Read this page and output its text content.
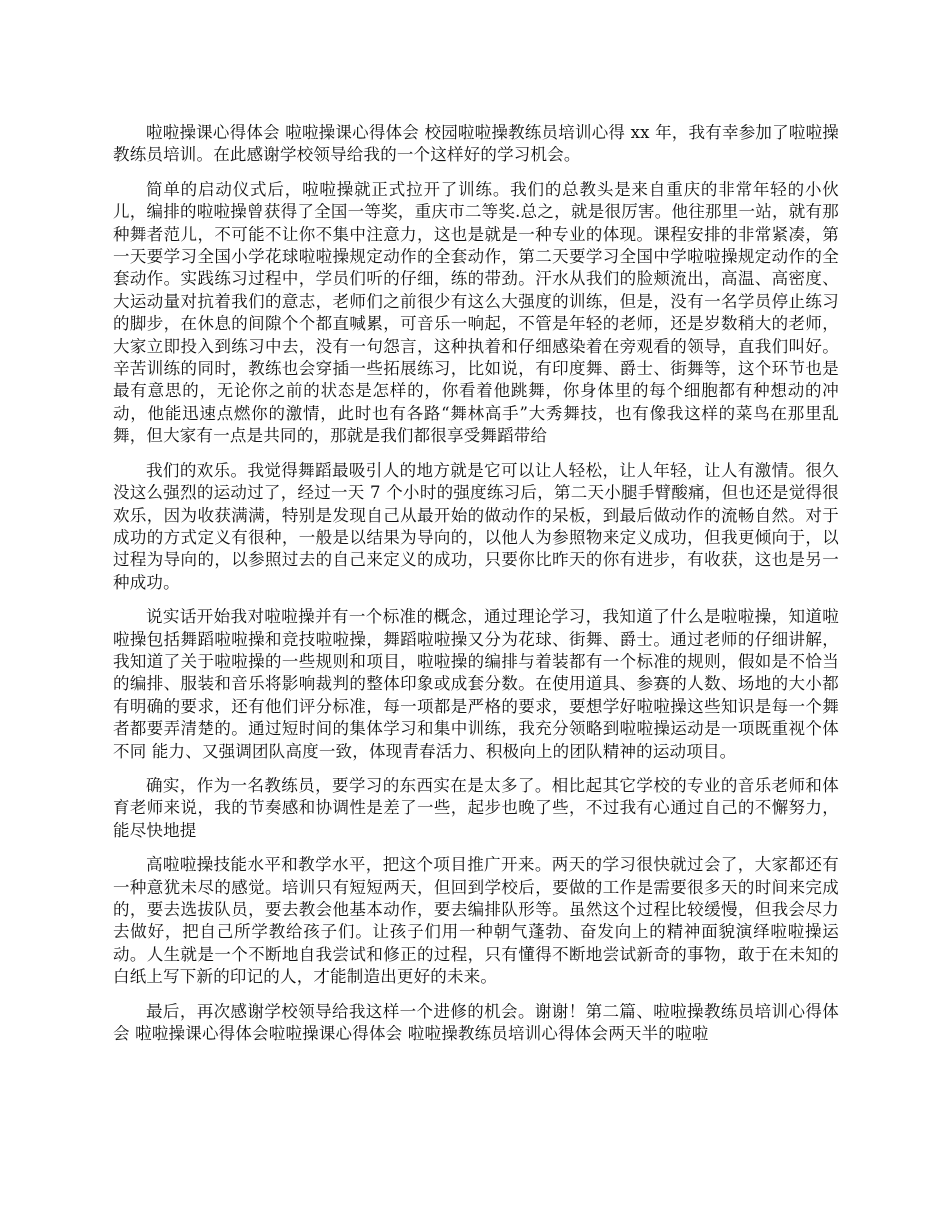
啦啦操课心得体会 啦啦操课心得体会 校园啦啦操教练员培训心得 xx 年，我有幸参加了啦啦操教练员培训。在此感谢学校领导给我的一个这样好的学习机会。

简单的启动仪式后，啦啦操就正式拉开了训练。我们的总教头是来自重庆的非常年轻的小伙儿，编排的啦啦操曾获得了全国一等奖，重庆市二等奖.总之，就是很厉害。他往那里一站，就有那种舞者范儿，不可能不让你不集中注意力，这也是就是一种专业的体现。课程安排的非常紧凑，第一天要学习全国小学花球啦啦操规定动作的全套动作，第二天要学习全国中学啦啦操规定动作的全套动作。实践练习过程中，学员们听的仔细，练的带劲。汗水从我们的脸颊流出，高温、高密度、大运动量对抗着我们的意志，老师们之前很少有这么大强度的训练，但是，没有一名学员停止练习的脚步，在休息的间隙个个都直喊累，可音乐一响起，不管是年轻的老师，还是岁数稍大的老师，大家立即投入到练习中去，没有一句怨言，这种执着和仔细感染着在旁观看的领导，直我们叫好。辛苦训练的同时，教练也会穿插一些拓展练习，比如说，有印度舞、爵士、街舞等，这个环节也是最有意思的，无论你之前的状态是怎样的，你看着他跳舞，你身体里的每个细胞都有种想动的冲动，他能迅速点燃你的激情，此时也有各路“舞林高手”大秀舞技，也有像我这样的菜鸟在那里乱舞，但大家有一点是共同的，那就是我们都很享受舞蹈带给

我们的欢乐。我觉得舞蹈最吸引人的地方就是它可以让人轻松，让人年轻，让人有激情。很久没这么强烈的运动过了，经过一天 7 个小时的强度练习后，第二天小腿手臂酸痛，但也还是觉得很欢乐，因为收获满满，特别是发现自己从最开始的做动作的呆板，到最后做动作的流畅自然。对于成功的方式定义有很种，一般是以结果为导向的，以他人为参照物来定义成功，但我更倾向于，以过程为导向的，以参照过去的自己来定义的成功，只要你比昨天的你有进步，有收获，这也是另一种成功。

说实话开始我对啦啦操并有一个标准的概念，通过理论学习，我知道了什么是啦啦操，知道啦啦操包括舞蹈啦啦操和竞技啦啦操，舞蹈啦啦操又分为花球、街舞、爵士。通过老师的仔细讲解，我知道了关于啦啦操的一些规则和项目，啦啦操的编排与着装都有一个标准的规则，假如是不恰当的编排、服装和音乐将影响裁判的整体印象或成套分数。在使用道具、参赛的人数、场地的大小都有明确的要求，还有他们评分标准，每一项都是严格的要求，要想学好啦啦操这些知识是每一个舞者都要弄清楚的。通过短时间的集体学习和集中训练，我充分领略到啦啦操运动是一项既重视个体不同 能力、又强调团队高度一致，体现青春活力、积极向上的团队精神的运动项目。

确实，作为一名教练员，要学习的东西实在是太多了。相比起其它学校的专业的音乐老师和体育老师来说，我的节奏感和协调性是差了一些，起步也晚了些，不过我有心通过自己的不懈努力，能尽快地提

高啦啦操技能水平和教学水平，把这个项目推广开来。两天的学习很快就过会了，大家都还有一种意犹未尽的感觉。培训只有短短两天，但回到学校后，要做的工作是需要很多天的时间来完成的，要去选拔队员，要去教会他基本动作，要去编排队形等。虽然这个过程比较缓慢，但我会尽力去做好，把自己所学教给孩子们。让孩子们用一种朝气蓬勃、奋发向上的精神面貌演绎啦啦操运动。人生就是一个不断地自我尝试和修正的过程，只有懂得不断地尝试新奇的事物，敢于在未知的白纸上写下新的印记的人，才能制造出更好的未来。

最后，再次感谢学校领导给我这样一个进修的机会。谢谢！第二篇、啦啦操教练员培训心得体会 啦啦操课心得体会啦啦操课心得体会 啦啦操教练员培训心得体会两天半的啦啦
